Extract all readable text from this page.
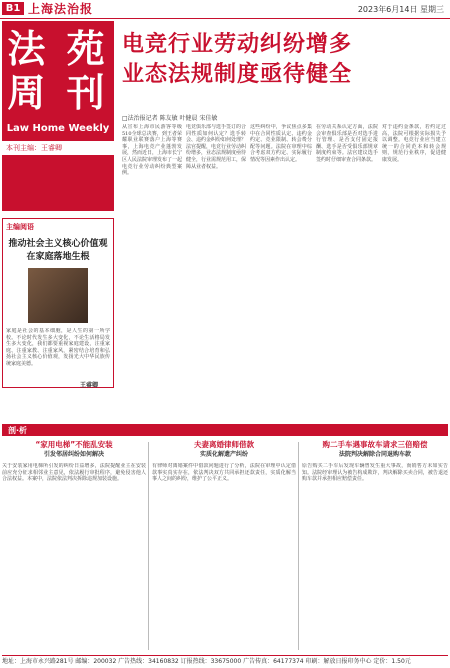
B1 上海法治报	2023年6月14日 星期三
法 苑
周 刊
Law Home Weekly
本刊主编：王睿卿
电竞行业劳动纠纷增多
业态法规制度亟待健全
□法治报记者 陈友敏 叶健晨 宋佳敏
从宣布上海市民游客等级510全球总决赛，到王者荣耀职业联赛落户上海等赛事，上海电竞产业蓬勃发展，然而近日，上海市长宁区人民法院审理发布了一起电竞行业劳动纠纷典型案例。
电竞俱乐部与选手签订的合同性质如何认定？选手转会、违约金纠纷如何处理？法官提醒，电竞行业劳动纠纷增多，业态法规制度亟待健全，行业需规范用工，保障从业者权益。
这些纠纷中，争议焦点多集中在合同性质认定、违约金约定、竞业限制、转会费分配等问题。法院在审理中综合考虑双方约定、实际履行情况等因素作出认定。
在劳动关系认定方面，法院会审查俱乐部是否对选手进行管理、是否支付固定报酬、选手是否受俱乐部规章制度约束等。法官建议选手签约时仔细审查合同条款。
对于违约金条款，若约定过高，法院可根据实际损失予以调整。电竞行业应当建立统一的合同范本和转会规则，规范行业秩序，促进健康发展。
主编阅语
推动社会主义核心价值观在家庭落地生根
家庭是社会的基本细胞，是人生的第一所学校。不论时代发生多大变化，不论生活格局发生多大变化，我们都要重视家庭建设，注重家庭、注重家教、注重家风，紧密结合培育和弘扬社会主义核心价值观，发扬光大中华民族传统家庭美德。
王睿卿
剖·析
“家用电梯”不能乱安装
引发邻居纠纷如何解决
关于安装家用电梯所引发的纠纷日益增多，法院提醒业主在安装前应充分征求相邻业主意见，依法履行审批程序，避免侵害他人合法权益。本案中，法院依法判决拆除违规加装设施。
夫妻离婚律师借款
实质化解遗产纠纷
有律师对离婚案件中借款问题进行了分析，法院在审理中认定借款事实真实存在，依法判决双方共同承担还款责任，实质化解当事人之间的纠纷，维护了公平正义。
购二手车遇事故车请求三倍赔偿
法院判决解除合同退购车款
原告购买二手车后发现车辆曾发生重大事故，而销售方未如实告知。法院经审理认为被告构成欺诈，判决解除买卖合同，被告退还购车款并承担相应赔偿责任。
地址：上海市永兴路281号 邮编：200032 广告热线：34160832 订报热线：33675000 广告传真：64177374 印刷：解放日报印务中心 定价：1.50元
